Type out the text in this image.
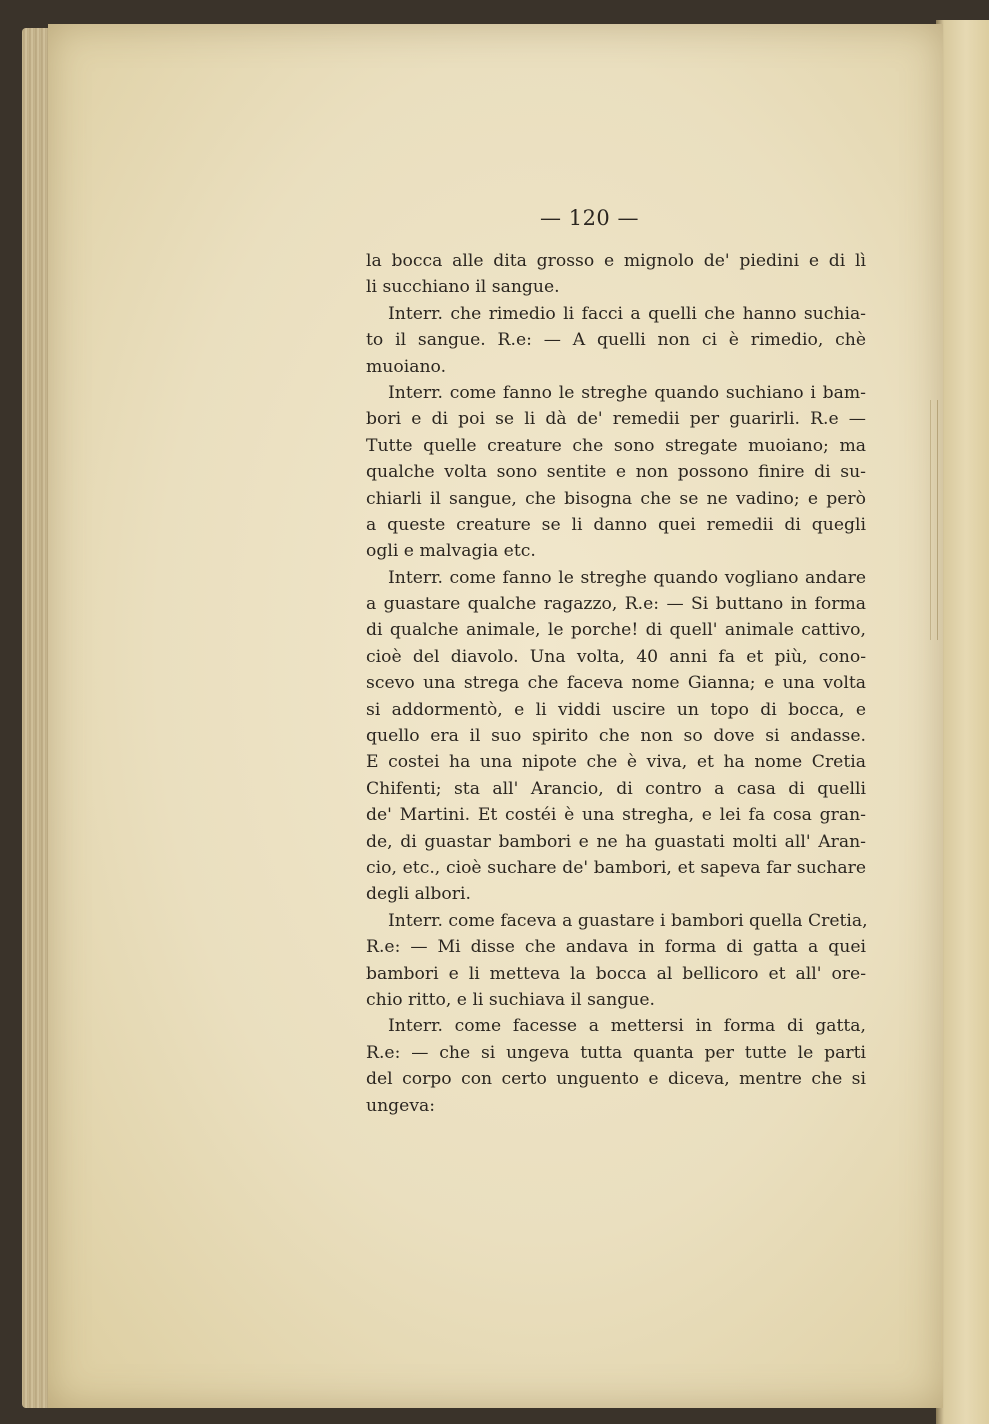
— 120 —
la bocca alle dita grosso e mignolo de' piedini e di lì
li succhiano il sangue.
Interr. che rimedio li facci a quelli che hanno suchia-
to il sangue. R.e: — A quelli non ci è rimedio, chè
muoiano.
Interr. come fanno le streghe quando suchiano i bam-
bori e di poi se li dà de' remedii per guarirli. R.e —
Tutte quelle creature che sono stregate muoiano; ma
qualche volta sono sentite e non possono finire di su-
chiarli il sangue, che bisogna che se ne vadino; e però
a queste creature se li danno quei remedii di quegli
ogli e malvagia etc.
Interr. come fanno le streghe quando vogliano andare
a guastare qualche ragazzo, R.e: — Si buttano in forma
di qualche animale, le porche! di quell' animale cattivo,
cioè del diavolo. Una volta, 40 anni fa et più, cono-
scevo una strega che faceva nome Gianna; e una volta
si addormentò, e li viddi uscire un topo di bocca, e
quello era il suo spirito che non so dove si andasse.
E costei ha una nipote che è viva, et ha nome Cretia
Chifenti; sta all' Arancio, di contro a casa di quelli
de' Martini. Et costéi è una stregha, e lei fa cosa gran-
de, di guastar bambori e ne ha guastati molti all' Aran-
cio, etc., cioè suchare de' bambori, et sapeva far suchare
degli albori.
Interr. come faceva a guastare i bambori quella Cretia,
R.e: — Mi disse che andava in forma di gatta a quei
bambori e li metteva la bocca al bellicoro et all' ore-
chio ritto, e li suchiava il sangue.
Interr. come facesse a mettersi in forma di gatta,
R.e: — che si ungeva tutta quanta per tutte le parti
del corpo con certo unguento e diceva, mentre che si
ungeva:
